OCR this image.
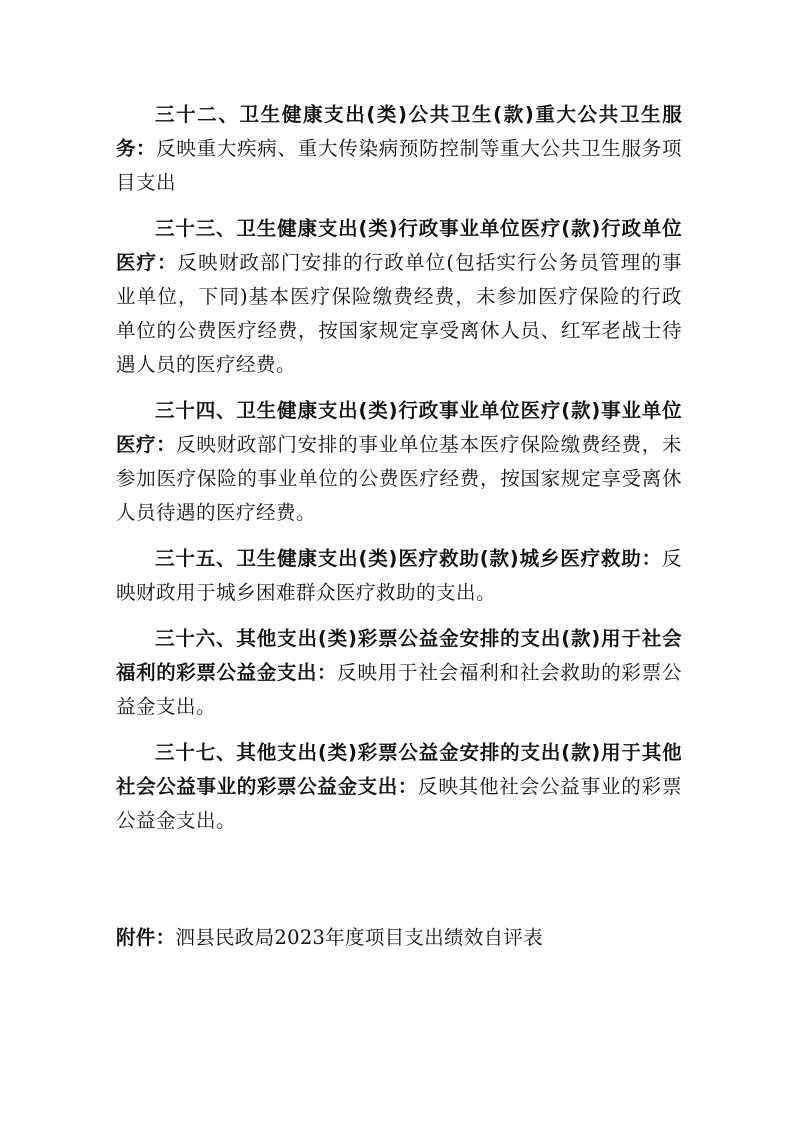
三十二、卫生健康支出(类)公共卫生(款)重大公共卫生服务：反映重大疾病、重大传染病预防控制等重大公共卫生服务项目支出

三十三、卫生健康支出(类)行政事业单位医疗(款)行政单位医疗：反映财政部门安排的行政单位(包括实行公务员管理的事业单位，下同)基本医疗保险缴费经费，未参加医疗保险的行政单位的公费医疗经费，按国家规定享受离休人员、红军老战士待遇人员的医疗经费。

三十四、卫生健康支出(类)行政事业单位医疗(款)事业单位医疗：反映财政部门安排的事业单位基本医疗保险缴费经费，未参加医疗保险的事业单位的公费医疗经费，按国家规定享受离休人员待遇的医疗经费。

三十五、卫生健康支出(类)医疗救助(款)城乡医疗救助：反映财政用于城乡困难群众医疗救助的支出。

三十六、其他支出(类)彩票公益金安排的支出(款)用于社会福利的彩票公益金支出：反映用于社会福利和社会救助的彩票公益金支出。

三十七、其他支出(类)彩票公益金安排的支出(款)用于其他社会公益事业的彩票公益金支出：反映其他社会公益事业的彩票公益金支出。

附件：泗县民政局2023年度项目支出绩效自评表
